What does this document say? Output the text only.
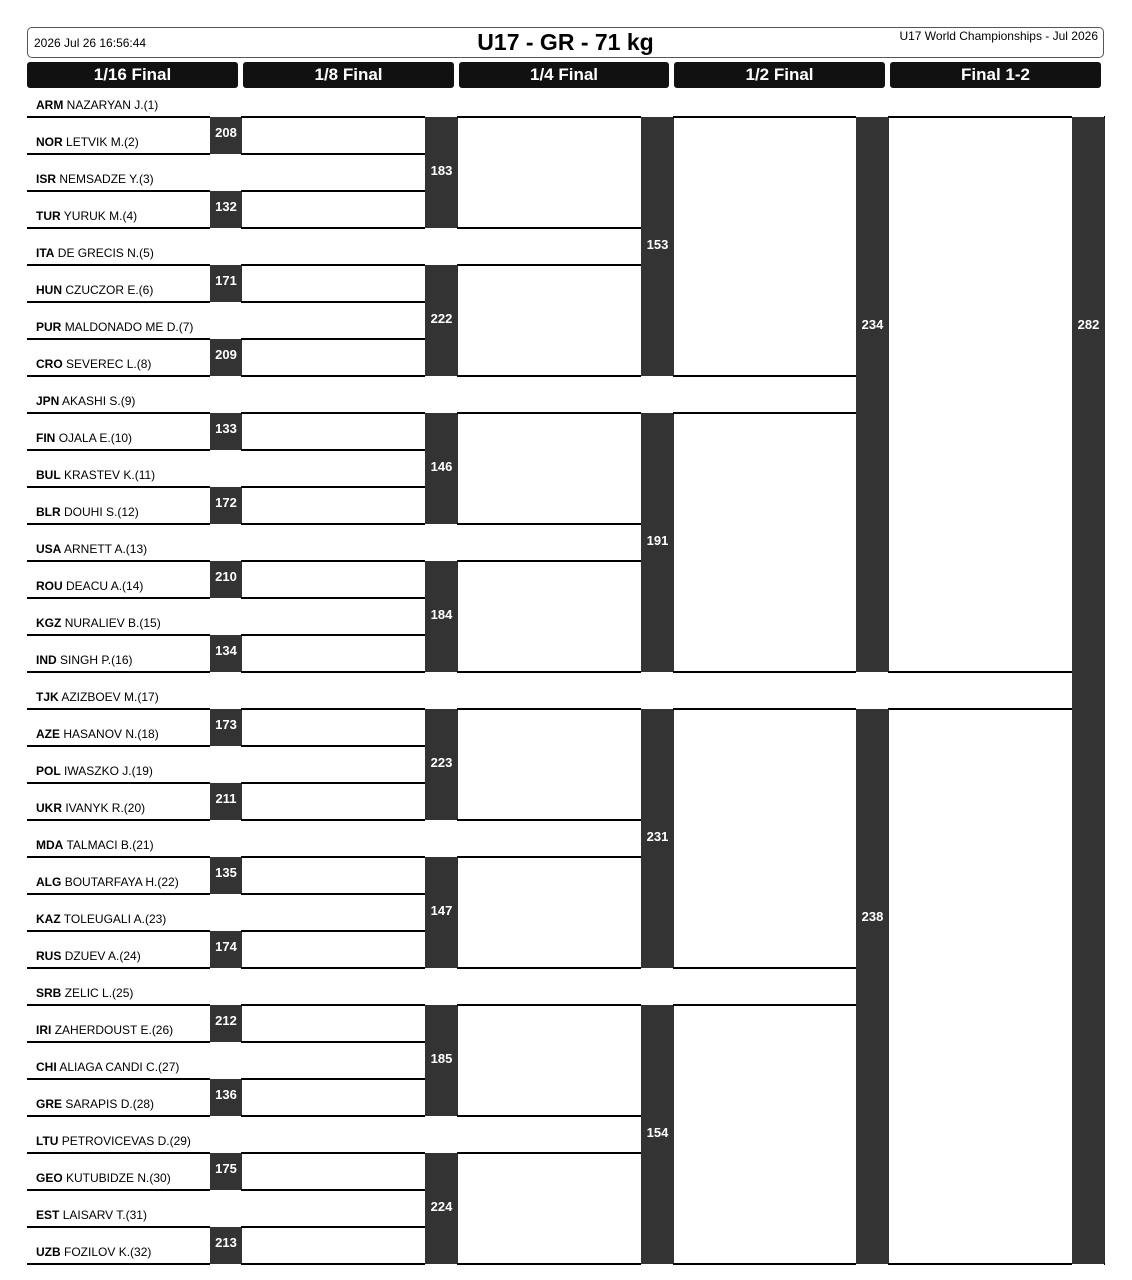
2026 Jul 26 16:56:44	U17 - GR - 71 kg	U17 World Championships - Jul 2026
1/16 Final	1/8 Final	1/4 Final	1/2 Final	Final 1-2
ARM NAZARYAN J.(1)
NOR LETVIK M.(2)
ISR NEMSADZE Y.(3)
TUR YURUK M.(4)
ITA DE GRECIS N.(5)
HUN CZUCZOR E.(6)
PUR MALDONADO ME D.(7)
CRO SEVEREC L.(8)
JPN AKASHI S.(9)
FIN OJALA E.(10)
BUL KRASTEV K.(11)
BLR DOUHI S.(12)
USA ARNETT A.(13)
ROU DEACU A.(14)
KGZ NURALIEV B.(15)
IND SINGH P.(16)
TJK AZIZBOEV M.(17)
AZE HASANOV N.(18)
POL IWASZKO J.(19)
UKR IVANYK R.(20)
MDA TALMACI B.(21)
ALG BOUTARFAYA H.(22)
KAZ TOLEUGALI A.(23)
RUS DZUEV A.(24)
SRB ZELIC L.(25)
IRI ZAHERDOUST E.(26)
CHI ALIAGA CANDI C.(27)
GRE SARAPIS D.(28)
LTU PETROVICEVAS D.(29)
GEO KUTUBIDZE N.(30)
EST LAISARV T.(31)
UZB FOZILOV K.(32)
208
132
171
209
133
172
210
134
173
211
135
174
212
136
175
213
183
222
146
184
223
147
185
224
153
191
231
154
234
238
282
